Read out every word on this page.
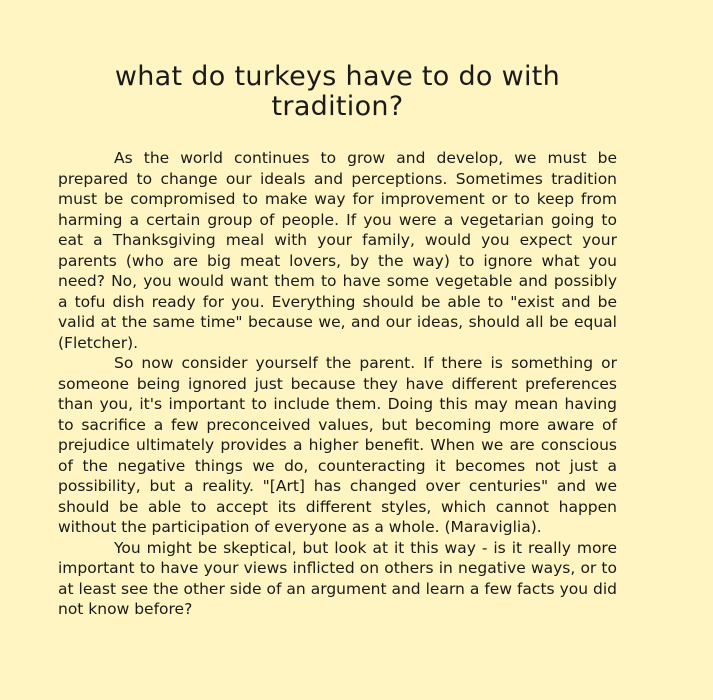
what do turkeys have to do with tradition?

As the world continues to grow and develop, we must be prepared to change our ideals and perceptions. Sometimes tradition must be compromised to make way for improvement or to keep from harming a certain group of people. If you were a vegetarian going to eat a Thanksgiving meal with your family, would you expect your parents (who are big meat lovers, by the way) to ignore what you need? No, you would want them to have some vegetable and possibly a tofu dish ready for you. Everything should be able to "exist and be valid at the same time" because we, and our ideas, should all be equal (Fletcher).

So now consider yourself the parent. If there is something or someone being ignored just because they have different preferences than you, it's important to include them. Doing this may mean having to sacrifice a few preconceived values, but becoming more aware of prejudice ultimately provides a higher benefit. When we are conscious of the negative things we do, counteracting it becomes not just a possibility, but a reality. "[Art] has changed over centuries" and we should be able to accept its different styles, which cannot happen without the participation of everyone as a whole. (Maraviglia).

You might be skeptical, but look at it this way - is it really more important to have your views inflicted on others in negative ways, or to at least see the other side of an argument and learn a few facts you did not know before?
